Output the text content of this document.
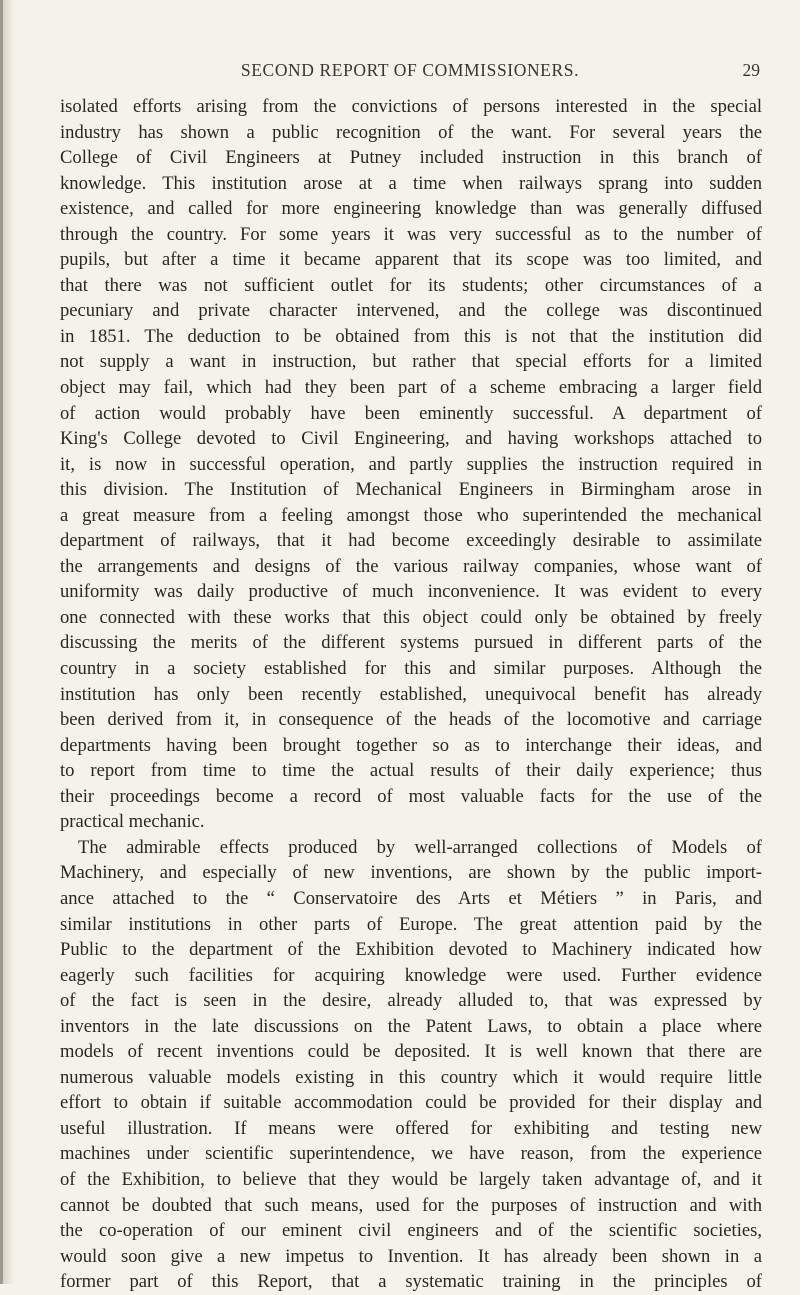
SECOND REPORT OF COMMISSIONERS.	29
isolated efforts arising from the convictions of persons interested in the special
industry has shown a public recognition of the want. For several years the
College of Civil Engineers at Putney included instruction in this branch of
knowledge. This institution arose at a time when railways sprang into sudden
existence, and called for more engineering knowledge than was generally diffused
through the country. For some years it was very successful as to the number of
pupils, but after a time it became apparent that its scope was too limited, and
that there was not sufficient outlet for its students; other circumstances of a
pecuniary and private character intervened, and the college was discontinued
in 1851. The deduction to be obtained from this is not that the institution did
not supply a want in instruction, but rather that special efforts for a limited
object may fail, which had they been part of a scheme embracing a larger field
of action would probably have been eminently successful. A department of
King's College devoted to Civil Engineering, and having workshops attached to
it, is now in successful operation, and partly supplies the instruction required in
this division. The Institution of Mechanical Engineers in Birmingham arose in
a great measure from a feeling amongst those who superintended the mechanical
department of railways, that it had become exceedingly desirable to assimilate
the arrangements and designs of the various railway companies, whose want of
uniformity was daily productive of much inconvenience. It was evident to every
one connected with these works that this object could only be obtained by freely
discussing the merits of the different systems pursued in different parts of the
country in a society established for this and similar purposes. Although the
institution has only been recently established, unequivocal benefit has already
been derived from it, in consequence of the heads of the locomotive and carriage
departments having been brought together so as to interchange their ideas, and
to report from time to time the actual results of their daily experience; thus
their proceedings become a record of most valuable facts for the use of the
practical mechanic.
The admirable effects produced by well-arranged collections of Models of
Machinery, and especially of new inventions, are shown by the public import-
ance attached to the “ Conservatoire des Arts et Métiers ” in Paris, and
similar institutions in other parts of Europe. The great attention paid by the
Public to the department of the Exhibition devoted to Machinery indicated how
eagerly such facilities for acquiring knowledge were used. Further evidence
of the fact is seen in the desire, already alluded to, that was expressed by
inventors in the late discussions on the Patent Laws, to obtain a place where
models of recent inventions could be deposited. It is well known that there are
numerous valuable models existing in this country which it would require little
effort to obtain if suitable accommodation could be provided for their display and
useful illustration. If means were offered for exhibiting and testing new
machines under scientific superintendence, we have reason, from the experience
of the Exhibition, to believe that they would be largely taken advantage of, and it
cannot be doubted that such means, used for the purposes of instruction and with
the co-operation of our eminent civil engineers and of the scientific societies,
would soon give a new impetus to Invention. It has already been shown in a
former part of this Report, that a systematic training in the principles of
